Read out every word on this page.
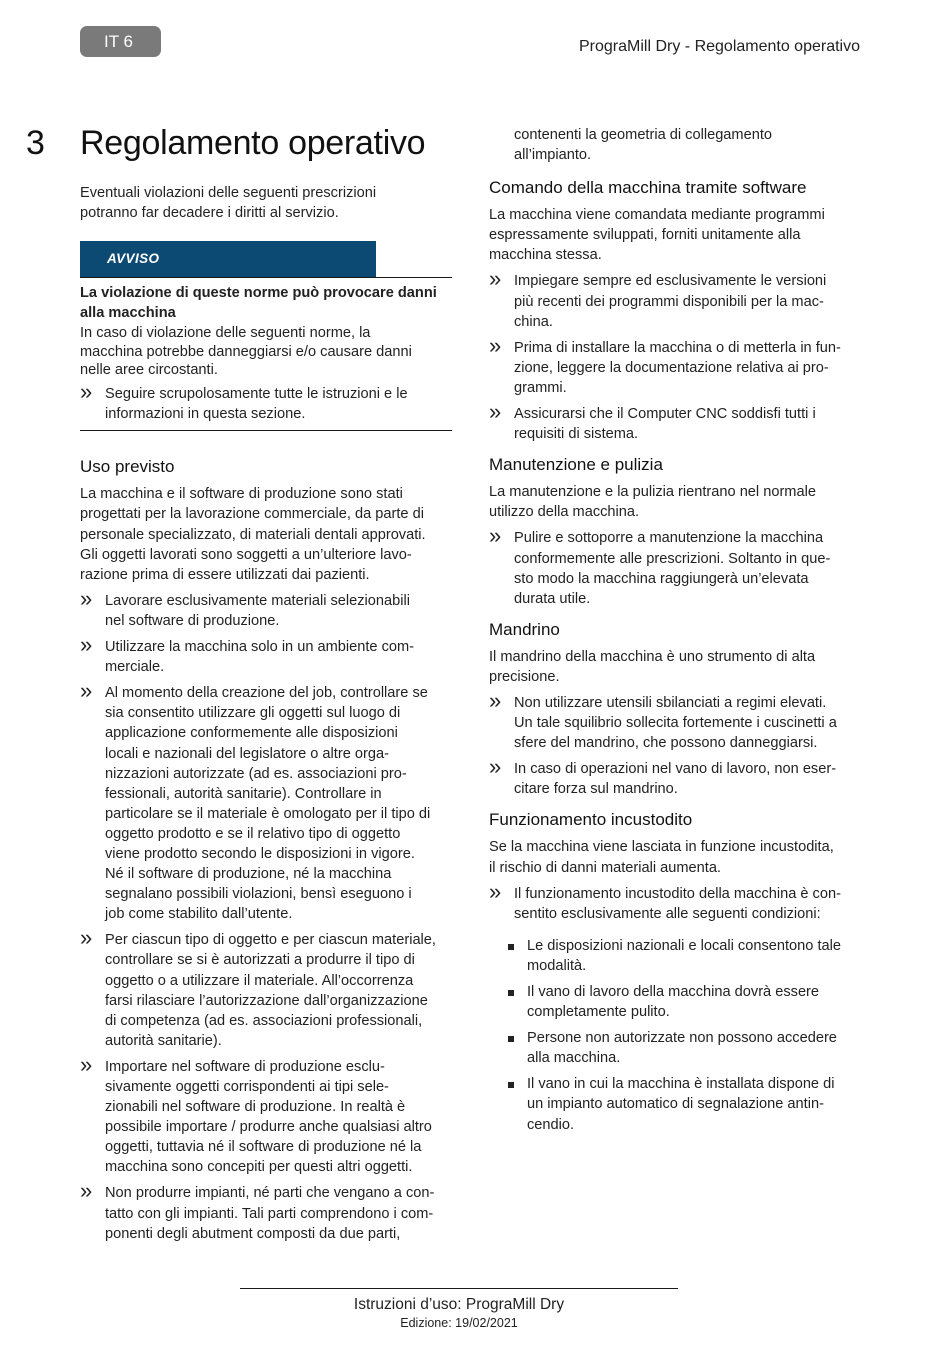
IT 6	PrograMill Dry - Regolamento operativo
3 Regolamento operativo
Eventuali violazioni delle seguenti prescrizioni
potranno far decadere i diritti al servizio.
AVVISO
La violazione di queste norme può provocare danni
alla macchina
In caso di violazione delle seguenti norme, la
macchina potrebbe danneggiarsi e/o causare danni
nelle aree circostanti.
» Seguire scrupolosamente tutte le istruzioni e le
informazioni in questa sezione.
Uso previsto
La macchina e il software di produzione sono stati
progettati per la lavorazione commerciale, da parte di
personale specializzato, di materiali dentali approvati.
Gli oggetti lavorati sono soggetti a un’ulteriore lavo-
razione prima di essere utilizzati dai pazienti.
» Lavorare esclusivamente materiali selezionabili
nel software di produzione.
» Utilizzare la macchina solo in un ambiente com-
merciale.
» Al momento della creazione del job, controllare se
sia consentito utilizzare gli oggetti sul luogo di
applicazione conformemente alle disposizioni
locali e nazionali del legislatore o altre orga-
nizzazioni autorizzate (ad es. associazioni pro-
fessionali, autorità sanitarie). Controllare in
particolare se il materiale è omologato per il tipo di
oggetto prodotto e se il relativo tipo di oggetto
viene prodotto secondo le disposizioni in vigore.
Né il software di produzione, né la macchina
segnalano possibili violazioni, bensì eseguono i
job come stabilito dall’utente.
» Per ciascun tipo di oggetto e per ciascun materiale,
controllare se si è autorizzati a produrre il tipo di
oggetto o a utilizzare il materiale. All’occorrenza
farsi rilasciare l’autorizzazione dall’organizzazione
di competenza (ad es. associazioni professionali,
autorità sanitarie).
» Importare nel software di produzione esclu-
sivamente oggetti corrispondenti ai tipi sele-
zionabili nel software di produzione. In realtà è
possibile importare / produrre anche qualsiasi altro
oggetti, tuttavia né il software di produzione né la
macchina sono concepiti per questi altri oggetti.
» Non produrre impianti, né parti che vengano a con-
tatto con gli impianti. Tali parti comprendono i com-
ponenti degli abutment composti da due parti,
contenenti la geometria di collegamento
all’impianto.
Comando della macchina tramite software
La macchina viene comandata mediante programmi
espressamente sviluppati, forniti unitamente alla
macchina stessa.
» Impiegare sempre ed esclusivamente le versioni
più recenti dei programmi disponibili per la mac-
china.
» Prima di installare la macchina o di metterla in fun-
zione, leggere la documentazione relativa ai pro-
grammi.
» Assicurarsi che il Computer CNC soddisfi tutti i
requisiti di sistema.
Manutenzione e pulizia
La manutenzione e la pulizia rientrano nel normale
utilizzo della macchina.
» Pulire e sottoporre a manutenzione la macchina
conformemente alle prescrizioni. Soltanto in que-
sto modo la macchina raggiungerà un’elevata
durata utile.
Mandrino
Il mandrino della macchina è uno strumento di alta
precisione.
» Non utilizzare utensili sbilanciati a regimi elevati.
Un tale squilibrio sollecita fortemente i cuscinetti a
sfere del mandrino, che possono danneggiarsi.
» In caso di operazioni nel vano di lavoro, non eser-
citare forza sul mandrino.
Funzionamento incustodito
Se la macchina viene lasciata in funzione incustodita,
il rischio di danni materiali aumenta.
» Il funzionamento incustodito della macchina è con-
sentito esclusivamente alle seguenti condizioni:
Le disposizioni nazionali e locali consentono tale
modalità.
Il vano di lavoro della macchina dovrà essere
completamente pulito.
Persone non autorizzate non possono accedere
alla macchina.
Il vano in cui la macchina è installata dispone di
un impianto automatico di segnalazione antin-
cendio.
Istruzioni d’uso: PrograMill Dry
Edizione: 19/02/2021
